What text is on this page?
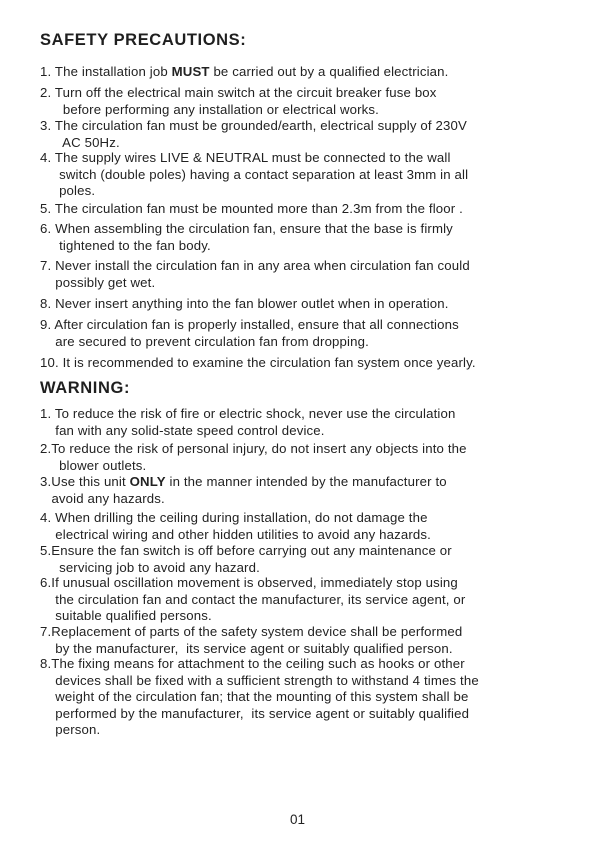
SAFETY PRECAUTIONS:

1. The installation job MUST be carried out by a qualified electrician.

2. Turn off the electrical main switch at the circuit breaker fuse box
before performing any installation or electrical works.

3. The circulation fan must be grounded/earth, electrical supply of 230V
AC 50Hz.

4. The supply wires LIVE & NEUTRAL must be connected to the wall
switch (double poles) having a contact separation at least 3mm in all
poles.

5. The circulation fan must be mounted more than 2.3m from the floor .

6. When assembling the circulation fan, ensure that the base is firmly
tightened to the fan body.

7. Never install the circulation fan in any area when circulation fan could
possibly get wet.

8. Never insert anything into the fan blower outlet when in operation.

9. After circulation fan is properly installed, ensure that all connections
are secured to prevent circulation fan from dropping.

10. It is recommended to examine the circulation fan system once yearly.

WARNING:

1. To reduce the risk of fire or electric shock, never use the circulation
fan with any solid-state speed control device.

2.To reduce the risk of personal injury, do not insert any objects into the
blower outlets.

3.Use this unit ONLY in the manner intended by the manufacturer to
avoid any hazards.

4. When drilling the ceiling during installation, do not damage the
electrical wiring and other hidden utilities to avoid any hazards.

5.Ensure the fan switch is off before carrying out any maintenance or
servicing job to avoid any hazard.

6.If unusual oscillation movement is observed, immediately stop using
the circulation fan and contact the manufacturer, its service agent, or
suitable qualified persons.

7.Replacement of parts of the safety system device shall be performed
by the manufacturer,  its service agent or suitably qualified person.

8.The fixing means for attachment to the ceiling such as hooks or other
devices shall be fixed with a sufficient strength to withstand 4 times the
weight of the circulation fan; that the mounting of this system shall be
performed by the manufacturer,  its service agent or suitably qualified
person.

01
